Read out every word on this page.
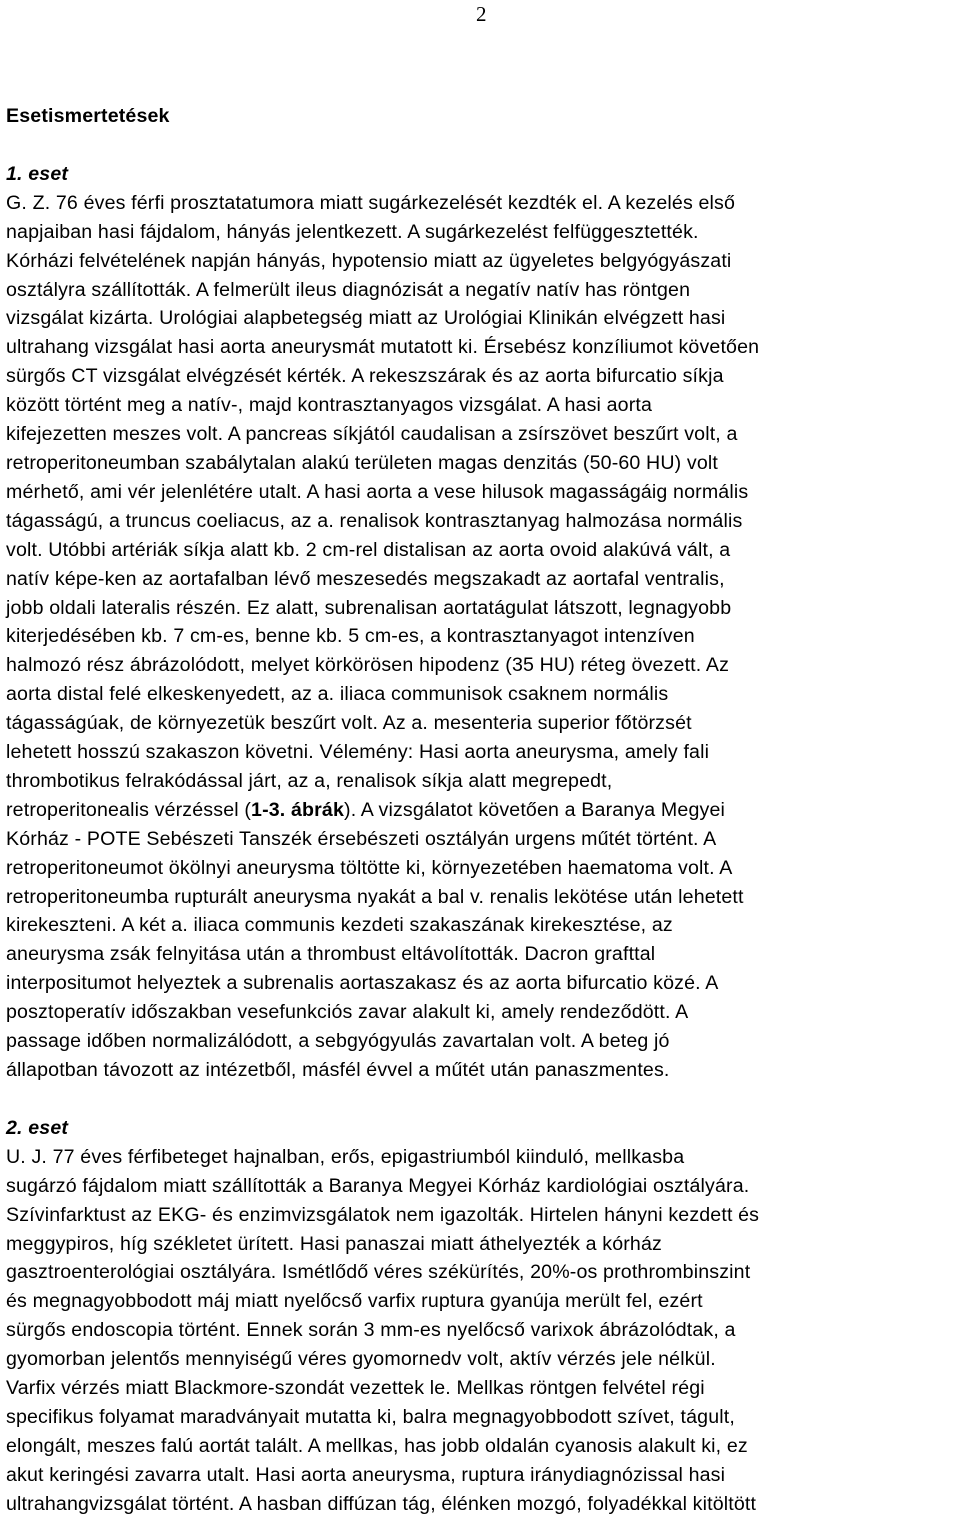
2
Esetismertetések
1. eset
G. Z. 76 éves férfi prosztatatumora miatt sugárkezelését kezdték el. A kezelés első
napjaiban hasi fájdalom, hányás jelentkezett. A sugárkezelést felfüggesztették.
Kórházi felvételének napján hányás, hypotensio miatt az ügyeletes belgyógyászati
osztályra szállították. A felmerült ileus diagnózisát a negatív natív has röntgen
vizsgálat kizárta. Urológiai alapbetegség miatt az Urológiai Klinikán elvégzett hasi
ultrahang vizsgálat hasi aorta aneurysmát mutatott ki. Érsebész konzíliumot követően
sürgős CT vizsgálat elvégzését kérték. A rekeszszárak és az aorta bifurcatio síkja
között történt meg a natív-, majd kontrasztanyagos vizsgálat. A hasi aorta
kifejezetten meszes volt. A pancreas síkjától caudalisan a zsírszövet beszűrt volt, a
retroperitoneumban szabálytalan alakú területen magas denzitás (50-60 HU) volt
mérhető, ami vér jelenlétére utalt. A hasi aorta a vese hilusok magasságáig normális
tágasságú, a truncus coeliacus, az a. renalisok kontrasztanyag halmozása normális
volt. Utóbbi artériák síkja alatt kb. 2 cm-rel distalisan az aorta ovoid alakúvá vált, a
natív képe-ken az aortafalban lévő meszesedés megszakadt az aortafal ventralis,
jobb oldali lateralis részén. Ez alatt, subrenalisan aortatágulat látszott, legnagyobb
kiterjedésében kb. 7 cm-es, benne kb. 5 cm-es, a kontrasztanyagot intenzíven
halmozó rész ábrázolódott, melyet körkörösen hipodenz (35 HU) réteg övezett. Az
aorta distal felé elkeskenyedett, az a. iliaca communisok csaknem normális
tágasságúak, de környezetük beszűrt volt. Az a. mesenteria superior főtörzsét
lehetett hosszú szakaszon követni. Vélemény: Hasi aorta aneurysma, amely fali
thrombotikus felrakódással járt, az a, renalisok síkja alatt megrepedt,
retroperitonealis vérzéssel (1-3. ábrák). A vizsgálatot követően a Baranya Megyei
Kórház - POTE Sebészeti Tanszék érsebészeti osztályán urgens műtét történt. A
retroperitoneumot ökölnyi aneurysma töltötte ki, környezetében haematoma volt. A
retroperitoneumba rupturált aneurysma nyakát a bal v. renalis lekötése után lehetett
kirekeszteni. A két a. iliaca communis kezdeti szakaszának kirekesztése, az
aneurysma zsák felnyitása után a thrombust eltávolították. Dacron grafttal
interpositumot helyeztek a subrenalis aortaszakasz és az aorta bifurcatio közé. A
posztoperatív időszakban vesefunkciós zavar alakult ki, amely rendeződött. A
passage időben normalizálódott, a sebgyógyulás zavartalan volt. A beteg jó
állapotban távozott az intézetből, másfél évvel a műtét után panaszmentes.
2. eset
U. J. 77 éves férfibeteget hajnalban, erős, epigastriumból kiinduló, mellkasba
sugárzó fájdalom miatt szállították a Baranya Megyei Kórház kardiológiai osztályára.
Szívinfarktust az EKG- és enzimvizsgálatok nem igazolták. Hirtelen hányni kezdett és
meggypiros, híg székletet ürített. Hasi panaszai miatt áthelyezték a kórház
gasztroenterológiai osztályára. Ismétlődő véres székürítés, 20%-os prothrombinszint
és megnagyobbodott máj miatt nyelőcső varfix ruptura gyanúja merült fel, ezért
sürgős endoscopia történt. Ennek során 3 mm-es nyelőcső varixok ábrázolódtak, a
gyomorban jelentős mennyiségű véres gyomornedv volt, aktív vérzés jele nélkül.
Varfix vérzés miatt Blackmore-szondát vezettek le. Mellkas röntgen felvétel régi
specifikus folyamat maradványait mutatta ki, balra megnagyobbodott szívet, tágult,
elongált, meszes falú aortát talált. A mellkas, has jobb oldalán cyanosis alakult ki, ez
akut keringési zavarra utalt. Hasi aorta aneurysma, ruptura iránydiagnózissal hasi
ultrahangvizsgálat történt. A hasban diffúzan tág, élénken mozgó, folyadékkal kitöltött
